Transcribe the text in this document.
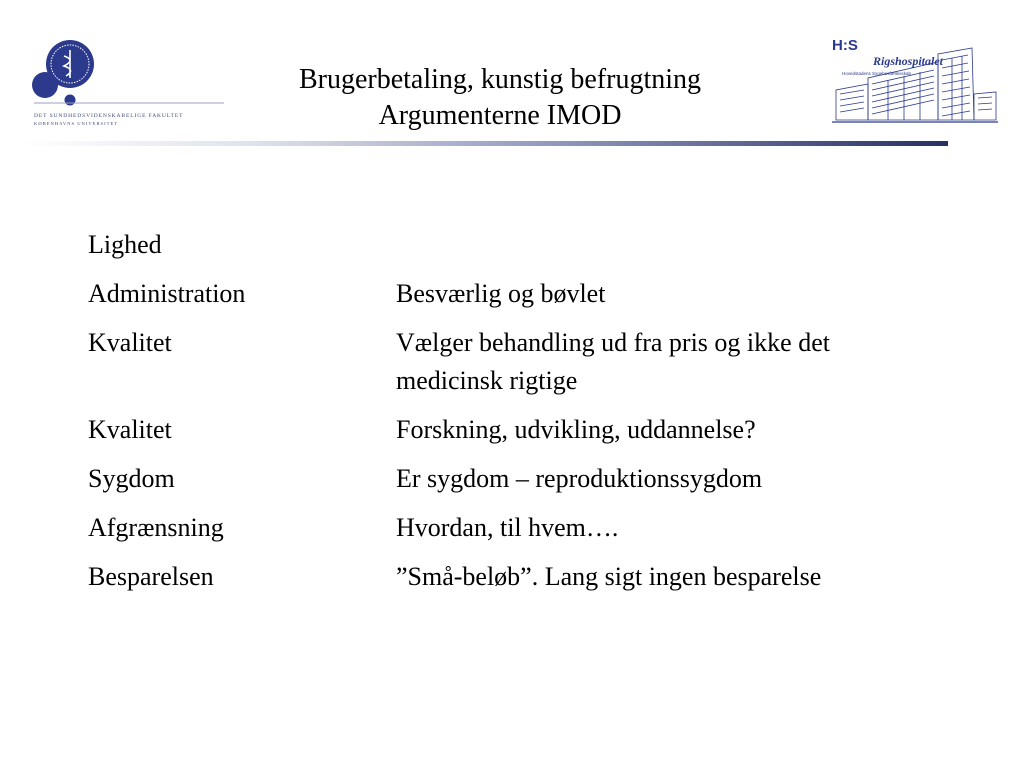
DET SUNDHEDSVIDENSKABELIGE FAKULTET
KØBENHAVNS UNIVERSITET
Brugerbetaling, kunstig befrugtning
Argumenterne IMOD
H:S
Rigshospitalet
Hovedstadens Sygehusfællesskab
Lighed
Administration	Besværlig og bøvlet
Kvalitet	Vælger behandling ud fra pris og ikke det medicinsk rigtige
Kvalitet	Forskning, udvikling, uddannelse?
Sygdom	Er sygdom – reproduktionssygdom
Afgrænsning	Hvordan, til hvem….
Besparelsen	”Små-beløb”. Lang sigt ingen besparelse
